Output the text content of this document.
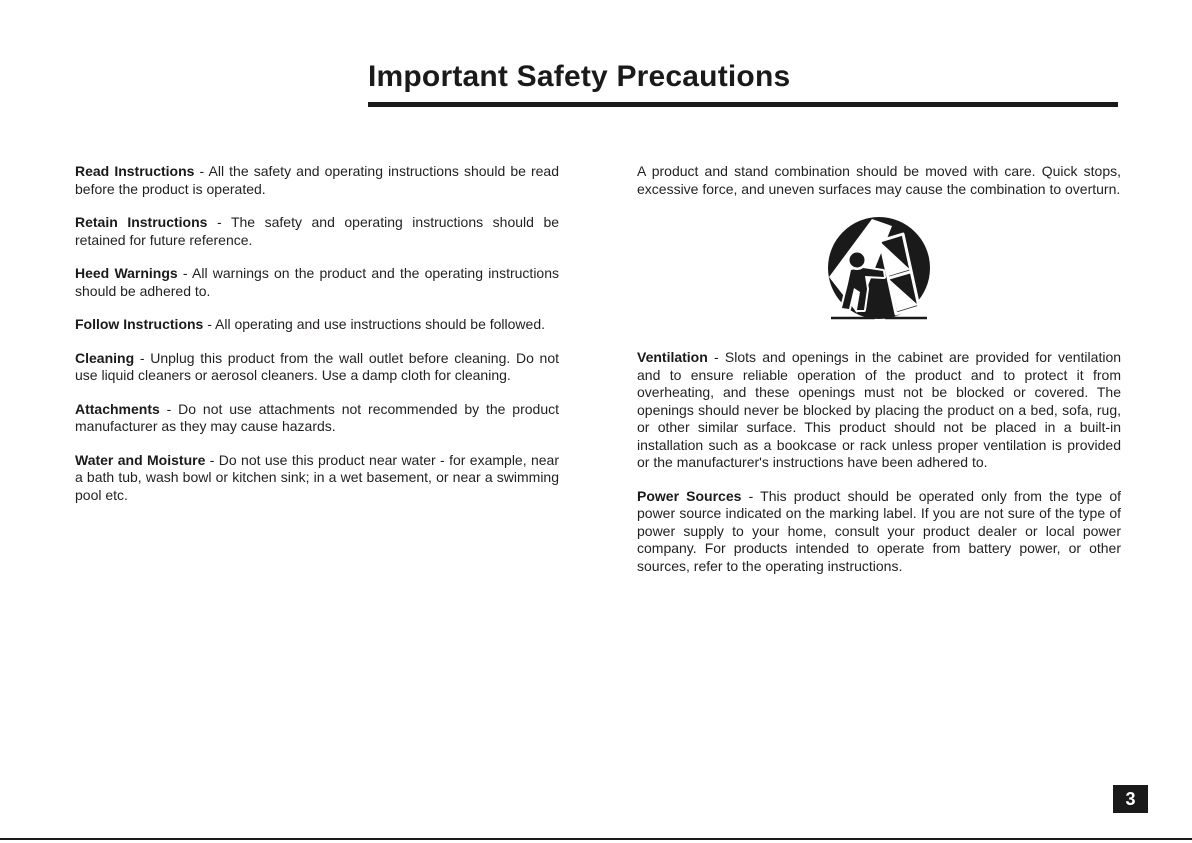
Important Safety Precautions

Read Instructions - All the safety and operating instructions should be read before the product is operated.

Retain Instructions - The safety and operating instructions should be retained for future reference.

Heed Warnings - All warnings on the product and the operating instructions should be adhered to.

Follow Instructions - All operating and use instructions should be followed.

Cleaning - Unplug this product from the wall outlet before cleaning. Do not use liquid cleaners or aerosol cleaners. Use a damp cloth for cleaning.

Attachments - Do not use attachments not recommended by the product manufacturer as they may cause hazards.

Water and Moisture - Do not use this product near water - for example, near a bath tub, wash bowl or kitchen sink; in a wet basement, or near a swimming pool etc.

A product and stand combination should be moved with care. Quick stops, excessive force, and uneven surfaces may cause the combination to overturn.

Ventilation - Slots and openings in the cabinet are provided for ventilation and to ensure reliable operation of the product and to protect it from overheating, and these openings must not be blocked or covered. The openings should never be blocked by placing the product on a bed, sofa, rug, or other similar surface. This product should not be placed in a built-in installation such as a bookcase or rack unless proper ventilation is provided or the manufacturer's instructions have been adhered to.

Power Sources - This product should be operated only from the type of power source indicated on the marking label. If you are not sure of the type of power supply to your home, consult your product dealer or local power company. For products intended to operate from battery power, or other sources, refer to the operating instructions.

3
